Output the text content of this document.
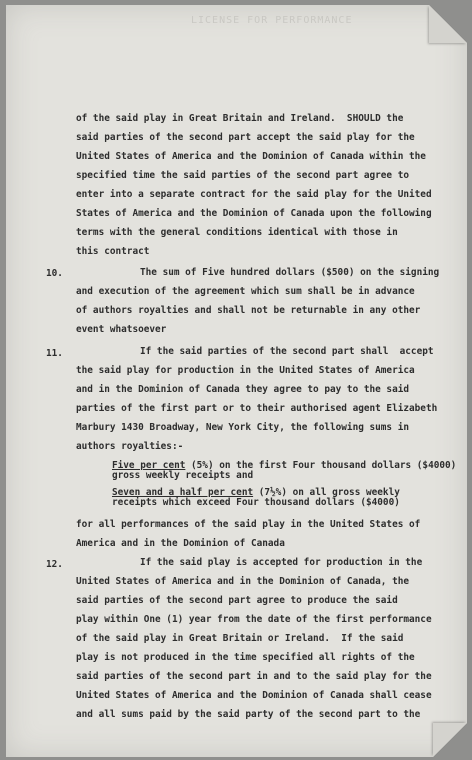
LICENSE FOR PERFORMANCE
of the said play in Great Britain and Ireland.  SHOULD the
said parties of the second part accept the said play for the
United States of America and the Dominion of Canada within the
specified time the said parties of the second part agree to
enter into a separate contract for the said play for the United
States of America and the Dominion of Canada upon the following
terms with the general conditions identical with those in
this contract
10.	The sum of Five hundred dollars ($500) on the signing
and execution of the agreement which sum shall be in advance
of authors royalties and shall not be returnable in any other
event whatsoever
11.	If the said parties of the second part shall  accept
the said play for production in the United States of America
and in the Dominion of Canada they agree to pay to the said
parties of the first part or to their authorised agent Elizabeth
Marbury 1430 Broadway, New York City, the following sums in
authors royalties:-
Five per cent (5%) on the first Four thousand dollars ($4000)
gross weekly receipts and
Seven and a half per cent (7½%) on all gross weekly
receipts which exceed Four thousand dollars ($4000)
for all performances of the said play in the United States of
America and in the Dominion of Canada
12.	If the said play is accepted for production in the
United States of America and in the Dominion of Canada, the
said parties of the second part agree to produce the said
play within One (1) year from the date of the first performance
of the said play in Great Britain or Ireland.  If the said
play is not produced in the time specified all rights of the
said parties of the second part in and to the said play for the
United States of America and the Dominion of Canada shall cease
and all sums paid by the said party of the second part to the
